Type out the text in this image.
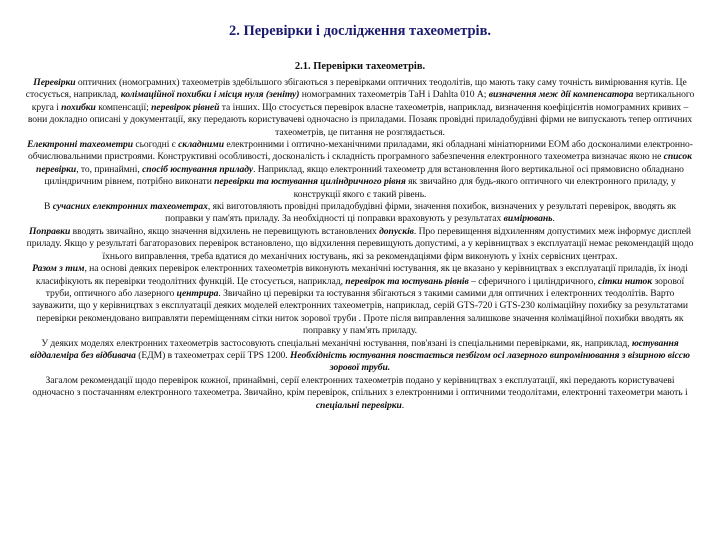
2. Перевірки і дослідження тахеометрів.
2.1. Перевірки тахеометрів.

Перевірки оптичних (номограмних) тахеометрів здебільшого збігаються з перевірками оптичних теодолітів, що мають таку саму точність вимірювання кутів. Це стосується, наприклад, колімаційної похибки і місця нуля (зеніту) номограмних тахеометрів ТаН і Dahlta 010 А; визначення меж дії компенсатора вертикального круга і похибки компенсації; перевірок рівней та інших. Що стосується перевірок власне тахеометрів, наприклад, визначення коефіцієнтів номограмних кривих – вони докладно описані у документації, яку передають користувачеві одночасно із приладами. Позаяк провідні приладобудівні фірми не випускають тепер оптичних тахеометрів, це питання не розглядається.

Електронні тахеометри сьогодні є складними електронними і оптично-механічними приладами, які обладнані мініатюрними ЕОМ або досконалими електронно-обчислювальними пристроями. Конструктивні особливості, досконалість і складність програмного забезпечення електронного тахеометра визначає якою не список перевірки, то, принаймні, спосіб юстування приладу. Наприклад, якщо електронний тахеометр для встановлення його вертикальної осі прямовисно обладнано циліндричним рівнем, потрібно виконати перевірки та юстування циліндричного рівня як звичайно для будь-якого оптичного чи електронного приладу, у конструкції якого є такий рівень.

В сучасних електронних тахеометрах, які виготовляють провідні приладобудівні фірми, значення похибок, визначених у результаті перевірок, вводять як поправки у пам'ять приладу. За необхідності ці поправки враховують у результатах вимірювань.

Поправки вводять звичайно, якщо значення відхилень не перевищують встановлених допусків. Про перевищення відхиленням допустимих меж інформує дисплей приладу. Якщо у результаті багаторазових перевірок встановлено, що відхилення перевищують допустимі, а у керівництвах з експлуатації немає рекомендацій щодо їхнього виправлення, треба вдатися до механічних юстувань, які за рекомендаціями фірм виконують у їхніх сервісних центрах.

Разом з тим, на основі деяких перевірок електронних тахеометрів виконують механічні юстування, як це вказано у керівництвах з експлуатації приладів, їх іноді класифікують як перевірки теодолітних функцій. Це стосується, наприклад, перевірок та юстувань рівнів – сферичного і циліндричного, сітки ниток зорової труби, оптичного або лазерного центрира. Звичайно ці перевірки та юстування збігаються з такими самими для оптичних і електронних теодолітів. Варто зауважити, що у керівництвах з експлуатації деяких моделей електронних тахеометрів, наприклад, серій GTS-720 і GTS-230 колімаційну похибку за результатами перевірки рекомендовано виправляти переміщенням сітки ниток зорової труби . Проте після виправлення залишкове значення колімаційної похибки вводять як поправку у пам'ять приладу.

У деяких моделях електронних тахеометрів застосовують спеціальні механічні юстування, пов'язані із спеціальними перевірками, як, наприклад, юстування віддалеміра без відбивача (ЕДМ) в тахеометрах серії TPS 1200. Необхідність юстування повстається пезбігом осі лазерного випромінювання з візирною віссю зорової труби.

Загалом рекомендації щодо перевірок кожної, принаймні, серії електронних тахеометрів подано у керівництвах з експлуатації, які передають користувачеві одночасно з постачанням електронного тахеометра. Звичайно, крім перевірок, спільних з електронними і оптичними теодолітами, електронні тахеометри мають і спеціальні перевірки.
